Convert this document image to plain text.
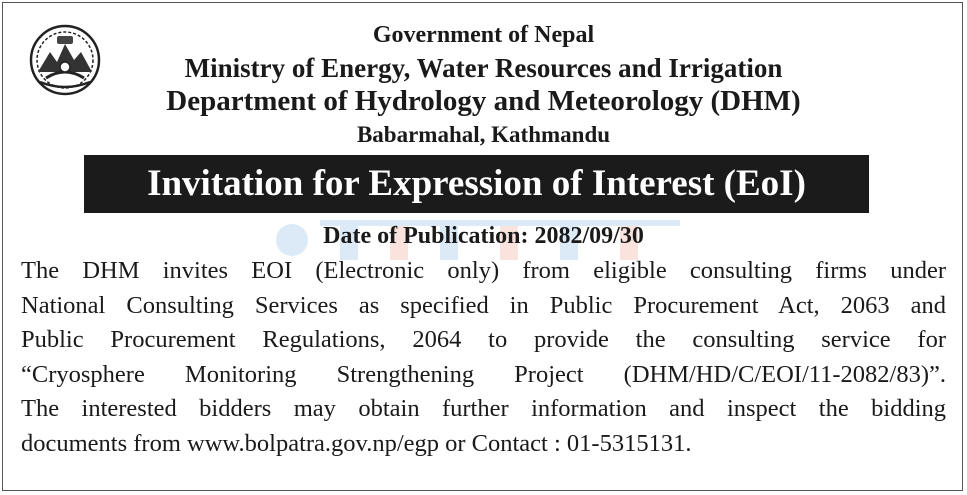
Government of Nepal
Ministry of Energy, Water Resources and Irrigation
Department of Hydrology and Meteorology (DHM)
Babarmahal, Kathmandu
Invitation for Expression of Interest (EoI)
Date of Publication: 2082/09/30

The DHM invites EOI (Electronic only) from eligible consulting firms under
National Consulting Services as specified in Public Procurement Act, 2063 and
Public Procurement Regulations, 2064 to provide the consulting service for
“Cryosphere Monitoring Strengthening Project (DHM/HD/C/EOI/11-2082/83)”.
The interested bidders may obtain further information and inspect the bidding
documents from www.bolpatra.gov.np/egp or Contact : 01-5315131.
